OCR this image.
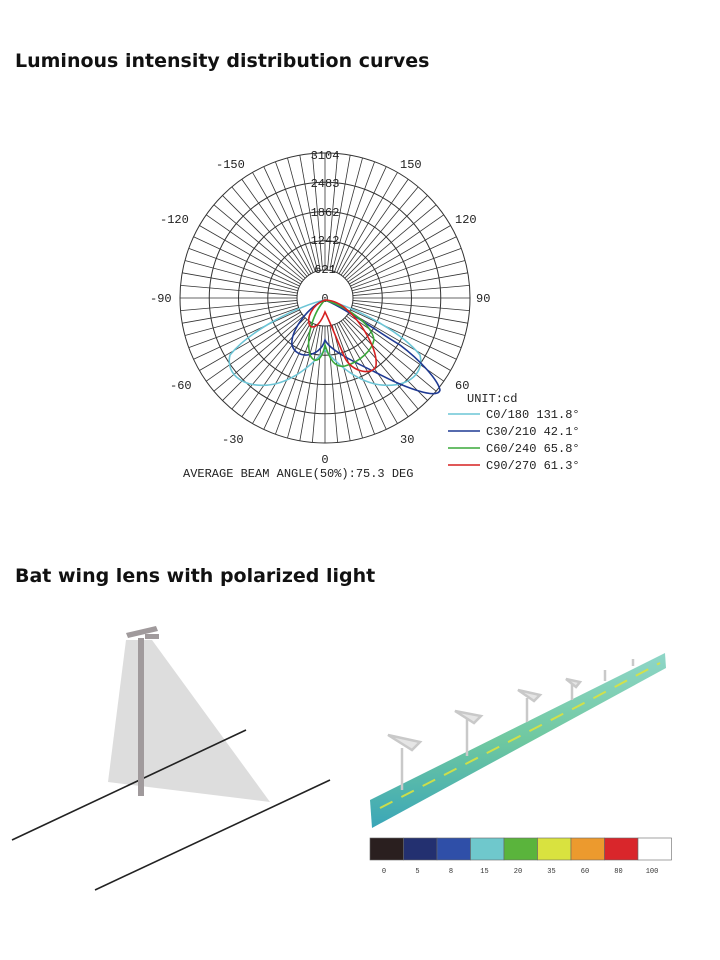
Luminous intensity distribution curves
3104
2483
1862
1242
621
0
-150	150
-120	120
-90	90
-60	60
-30	30
0
UNIT:cd
C0/180 131.8°
C30/210 42.1°
C60/240 65.8°
C90/270 61.3°
AVERAGE BEAM ANGLE(50%):75.3 DEG
Bat wing lens with polarized light
0	5	8	15	20	35	60	80	100
